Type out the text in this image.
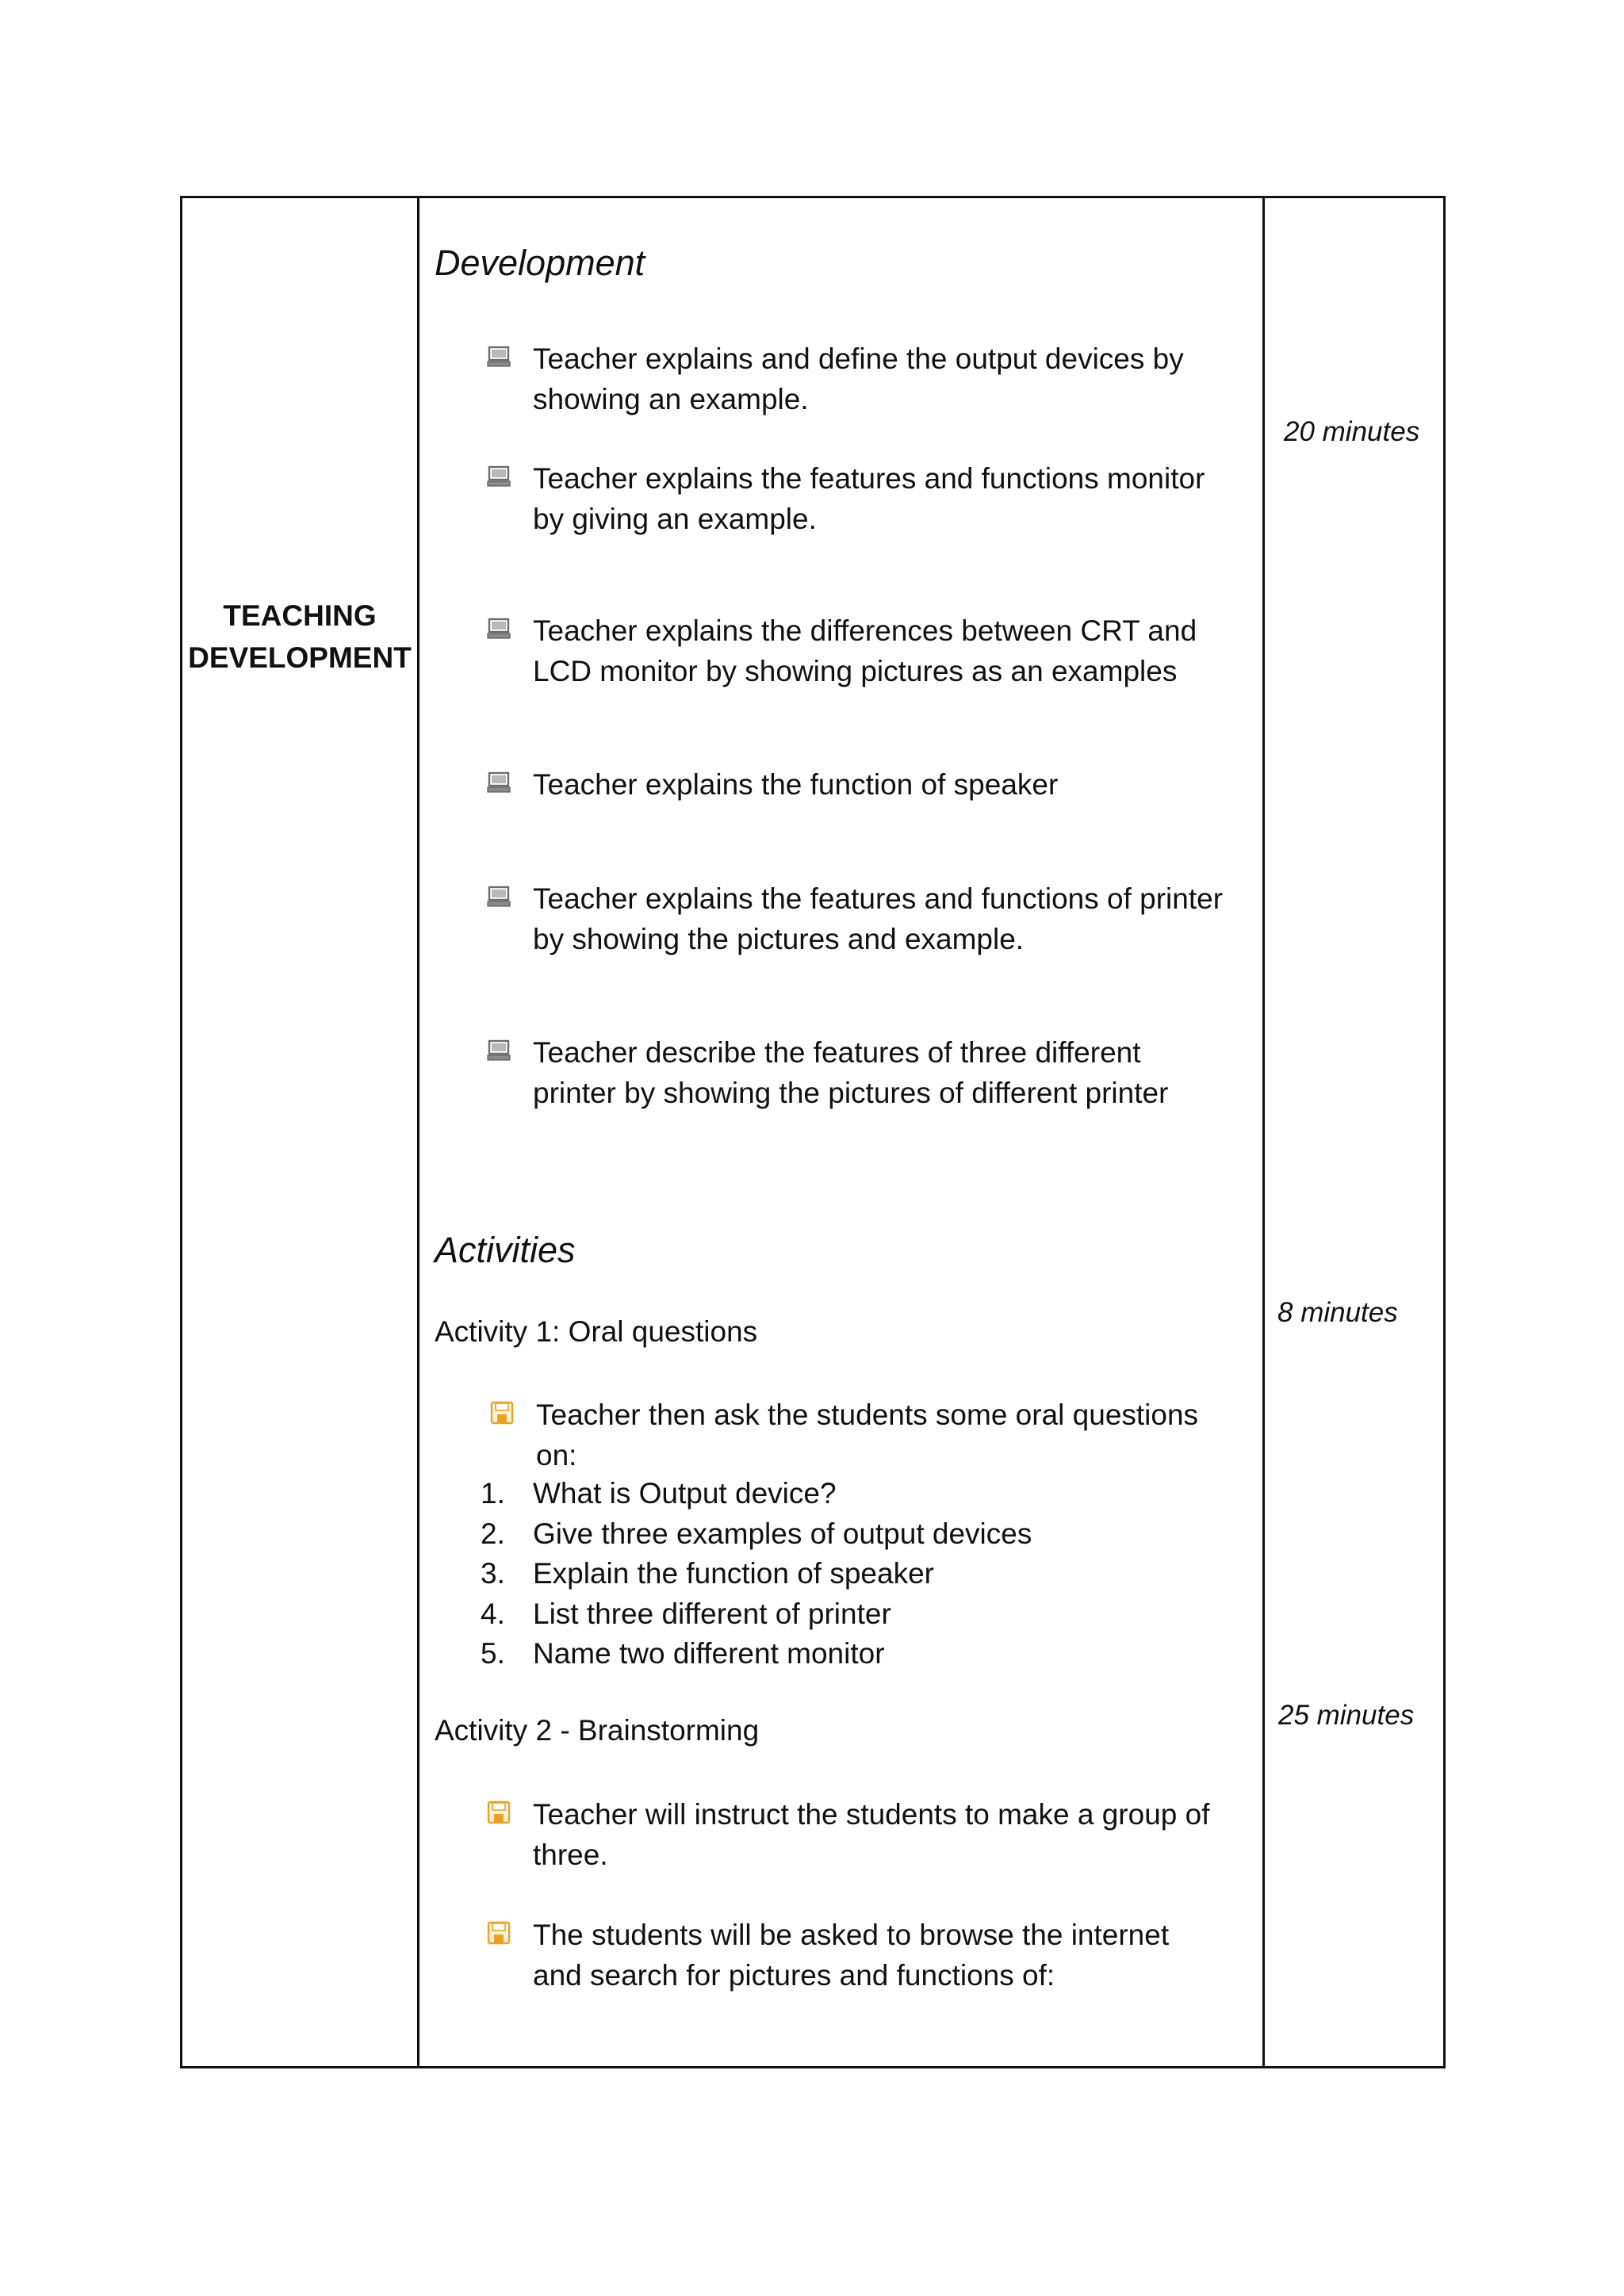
TEACHING
DEVELOPMENT
Development
Teacher explains and define the output devices by
showing an example.
Teacher explains the features and functions monitor
by giving an example.
Teacher explains the differences between CRT and
LCD monitor by showing pictures as an examples
Teacher explains the function of speaker
Teacher explains the features and functions of printer
by showing the pictures and example.
Teacher describe the features of three different
printer by showing the pictures of different printer
Activities
Activity 1: Oral questions
Teacher then ask the students some oral questions
on:
1. What is Output device?
2. Give three examples of output devices
3. Explain the function of speaker
4. List three different of printer
5. Name two different monitor
Activity 2 - Brainstorming
Teacher will instruct the students to make a group of
three.
The students will be asked to browse the internet
and search for pictures and functions of:
20 minutes
8 minutes
25 minutes
